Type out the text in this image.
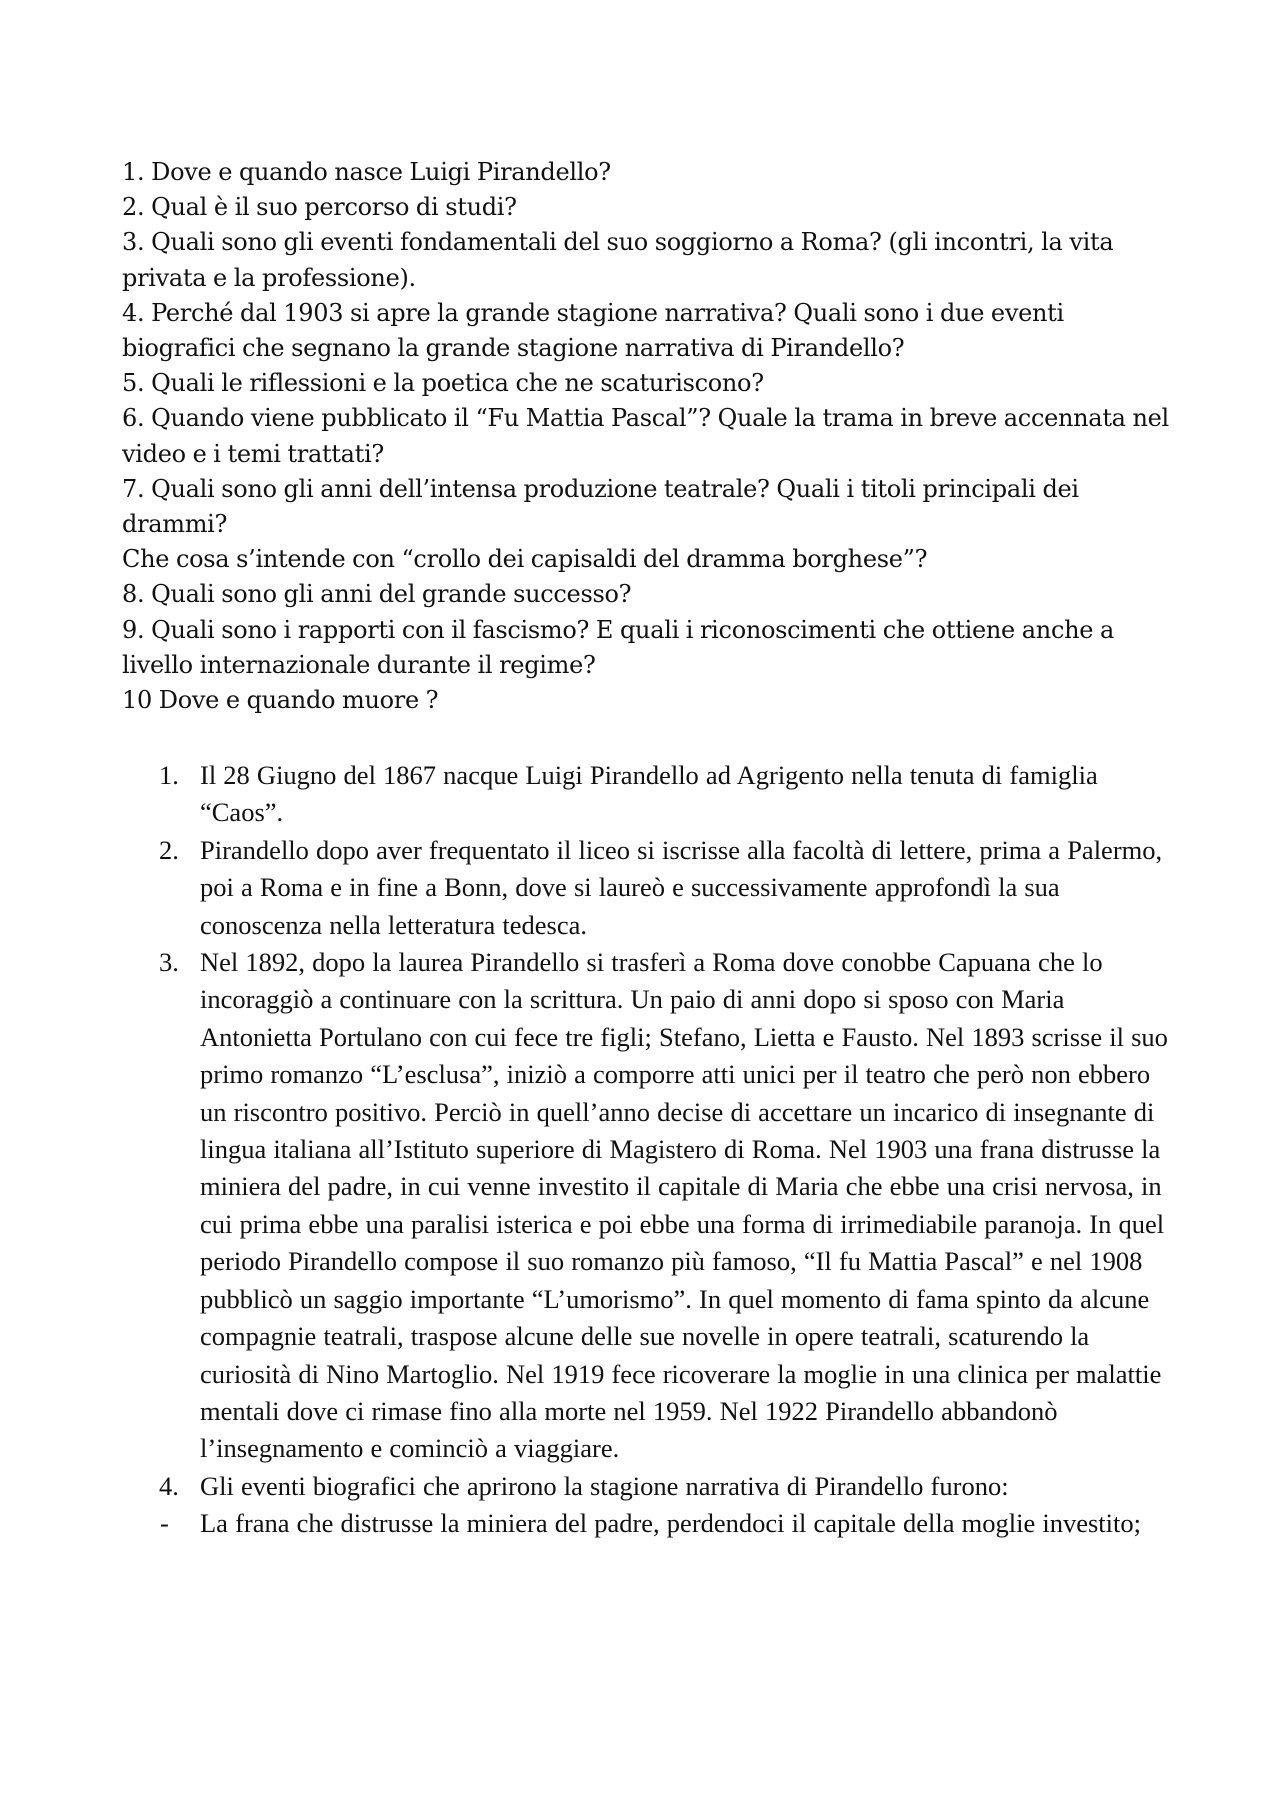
1. Dove e quando nasce Luigi Pirandello?

2. Qual è il suo percorso di studi?

3. Quali sono gli eventi fondamentali del suo soggiorno a Roma? (gli incontri, la vita privata e la professione).

4. Perché dal 1903 si apre la grande stagione narrativa? Quali sono i due eventi biografici che segnano la grande stagione narrativa di Pirandello?

5. Quali le riflessioni e la poetica che ne scaturiscono?

6. Quando viene pubblicato il “Fu Mattia Pascal”? Quale la trama in breve accennata nel video e i temi trattati?

7. Quali sono gli anni dell’intensa produzione teatrale? Quali i titoli principali dei drammi?

Che cosa s’intende con “crollo dei capisaldi del dramma borghese”?

8. Quali sono gli anni del grande successo?

9. Quali sono i rapporti con il fascismo? E quali i riconoscimenti che ottiene anche a livello internazionale durante il regime?

10 Dove e quando muore ?

1. Il 28 Giugno del 1867 nacque Luigi Pirandello ad Agrigento nella tenuta di famiglia “Caos”.
2. Pirandello dopo aver frequentato il liceo si iscrisse alla facoltà di lettere, prima a Palermo, poi a Roma e in fine a Bonn, dove si laureò e successivamente approfondì la sua conoscenza nella letteratura tedesca.
3. Nel 1892, dopo la laurea Pirandello si trasferì a Roma dove conobbe Capuana che lo incoraggiò a continuare con la scrittura. Un paio di anni dopo si sposo con Maria Antonietta Portulano con cui fece tre figli; Stefano, Lietta e Fausto. Nel 1893 scrisse il suo primo romanzo “L’esclusa”, iniziò a comporre atti unici per il teatro che però non ebbero un riscontro positivo. Perciò in quell’anno decise di accettare un incarico di insegnante di lingua italiana all’Istituto superiore di Magistero di Roma. Nel 1903 una frana distrusse la miniera del padre, in cui venne investito il capitale di Maria che ebbe una crisi nervosa, in cui prima ebbe una paralisi isterica e poi ebbe una forma di irrimediabile paranoja. In quel periodo Pirandello compose il suo romanzo più famoso, “Il fu Mattia Pascal” e nel 1908 pubblicò un saggio importante “L’umorismo”. In quel momento di fama spinto da alcune compagnie teatrali, traspose alcune delle sue novelle in opere teatrali, scaturendo la curiosità di Nino Martoglio. Nel 1919 fece ricoverare la moglie in una clinica per malattie mentali dove ci rimase fino alla morte nel 1959. Nel 1922 Pirandello abbandonò l’insegnamento e cominciò a viaggiare.
4. Gli eventi biografici che aprirono la stagione narrativa di Pirandello furono:
-	La frana che distrusse la miniera del padre, perdendoci il capitale della moglie investito;
